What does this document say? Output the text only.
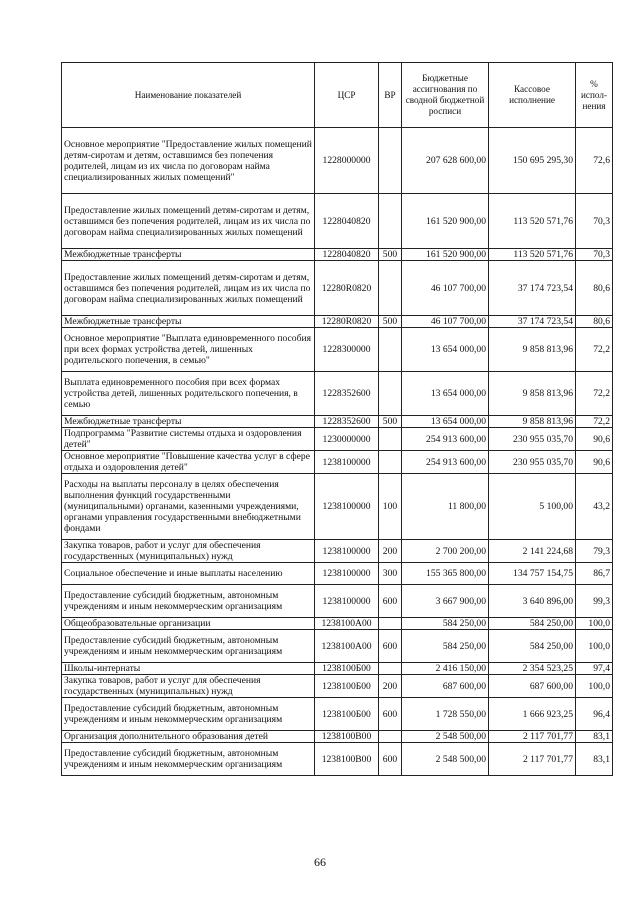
Наименование показателей	ЦСР	ВР	Бюджетные ассигнования по сводной бюджетной росписи	Кассовое исполнение	% испол-нения
Основное мероприятие "Предоставление жилых помещений детям-сиротам и детям, оставшимся без попечения родителей, лицам из их числа по договорам найма специализированных жилых помещений"	1228000000		207 628 600,00	150 695 295,30	72,6
Предоставление жилых помещений детям-сиротам и детям, оставшимся без попечения родителей, лицам из их числа по договорам найма специализированных жилых помещений	1228040820		161 520 900,00	113 520 571,76	70,3
Межбюджетные трансферты	1228040820	500	161 520 900,00	113 520 571,76	70,3
Предоставление жилых помещений детям-сиротам и детям, оставшимся без попечения родителей, лицам из их числа по договорам найма специализированных жилых помещений	12280R0820		46 107 700,00	37 174 723,54	80,6
Межбюджетные трансферты	12280R0820	500	46 107 700,00	37 174 723,54	80,6
Основное мероприятие "Выплата единовременного пособия при всех формах устройства детей, лишенных родительского попечения, в семью"	1228300000		13 654 000,00	9 858 813,96	72,2
Выплата единовременного пособия при всех формах устройства детей, лишенных родительского попечения, в семью	1228352600		13 654 000,00	9 858 813,96	72,2
Межбюджетные трансферты	1228352600	500	13 654 000,00	9 858 813,96	72,2
Подпрограмма "Развитие системы отдыха и оздоровления детей"	1230000000		254 913 600,00	230 955 035,70	90,6
Основное мероприятие "Повышение качества услуг в сфере отдыха и оздоровления детей"	1238100000		254 913 600,00	230 955 035,70	90,6
Расходы на выплаты персоналу в целях обеспечения выполнения функций государственными (муниципальными) органами, казенными учреждениями, органами управления государственными внебюджетными фондами	1238100000	100	11 800,00	5 100,00	43,2
Закупка товаров, работ и услуг для обеспечения государственных (муниципальных) нужд	1238100000	200	2 700 200,00	2 141 224,68	79,3
Социальное обеспечение и иные выплаты населению	1238100000	300	155 365 800,00	134 757 154,75	86,7
Предоставление субсидий бюджетным, автономным учреждениям и иным некоммерческим организациям	1238100000	600	3 667 900,00	3 640 896,00	99,3
Общеобразовательные организации	1238100А00		584 250,00	584 250,00	100,0
Предоставление субсидий бюджетным, автономным учреждениям и иным некоммерческим организациям	1238100А00	600	584 250,00	584 250,00	100,0
Школы-интернаты	1238100Б00		2 416 150,00	2 354 523,25	97,4
Закупка товаров, работ и услуг для обеспечения государственных (муниципальных) нужд	1238100Б00	200	687 600,00	687 600,00	100,0
Предоставление субсидий бюджетным, автономным учреждениям и иным некоммерческим организациям	1238100Б00	600	1 728 550,00	1 666 923,25	96,4
Организация дополнительного образования детей	1238100В00		2 548 500,00	2 117 701,77	83,1
Предоставление субсидий бюджетным, автономным учреждениям и иным некоммерческим организациям	1238100В00	600	2 548 500,00	2 117 701,77	83,1
66
